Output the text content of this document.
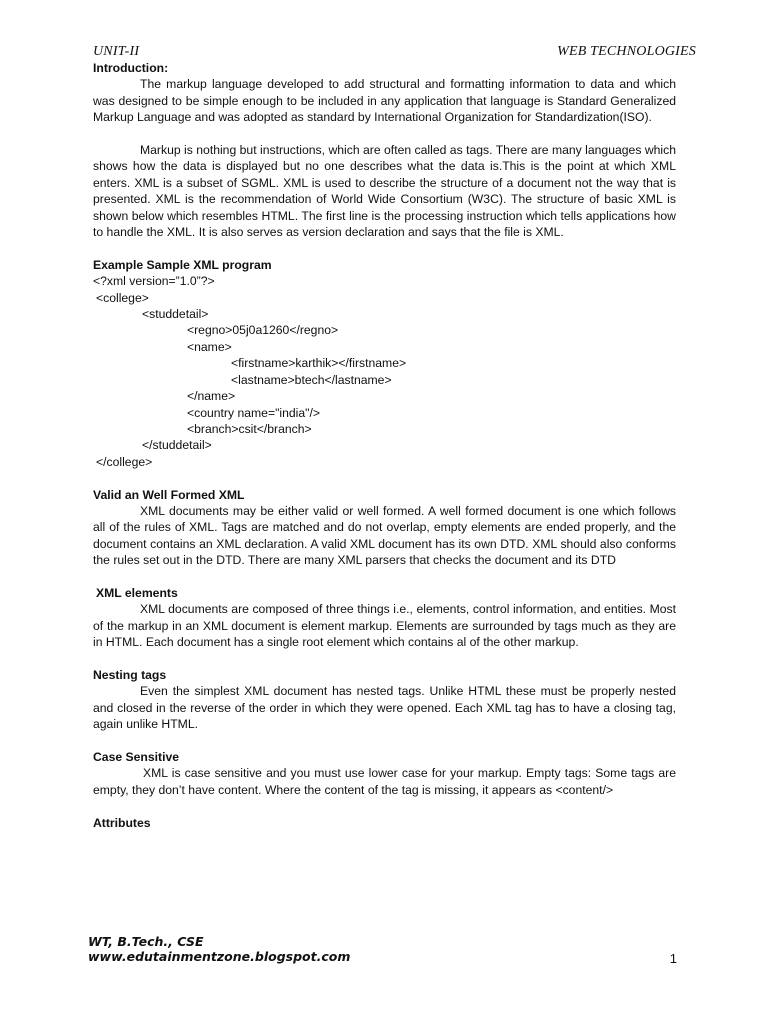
UNIT-II	WEB TECHNOLOGIES

Introduction:

The markup language developed to add structural and formatting information to data and which was designed to be simple enough to be included in any application that language is Standard Generalized Markup Language and was adopted as standard by International Organization for Standardization(ISO).

Markup is nothing but instructions, which are often called as tags. There are many languages which shows how the data is displayed but no one describes what the data is.This is the point at which XML enters. XML is a subset of SGML. XML is used to describe the structure of a document not the way that is presented. XML is the recommendation of World Wide Consortium (W3C). The structure of basic XML is shown below which resembles HTML. The first line is the processing instruction which tells applications how to handle the XML. It is also serves as version declaration and says that the file is XML.

Example Sample XML program

<?xml version=”1.0”?>

<college>

<studdetail>

<regno>05j0a1260</regno>

<name>

<firstname>karthik></firstname>

<lastname>btech</lastname>

</name>

<country name="india"/>

<branch>csit</branch>

</studdetail>

</college>

Valid an Well Formed XML

XML documents may be either valid or well formed. A well formed document is one which follows all of the rules of XML. Tags are matched and do not overlap, empty elements are ended properly, and the document contains an XML declaration. A valid XML document has its own DTD. XML should also conforms the rules set out in the DTD. There are many XML parsers that checks the document and its DTD

XML elements

XML documents are composed of three things i.e., elements, control information, and entities. Most of the markup in an XML document is element markup. Elements are surrounded by tags much as they are in HTML. Each document has a single root element which contains al of the other markup.

Nesting tags

Even the simplest XML document has nested tags. Unlike HTML these must be properly nested and closed in the reverse of the order in which they were opened. Each XML tag has to have a closing tag, again unlike HTML.

Case Sensitive

XML is case sensitive and you must use lower case for your markup. Empty tags: Some tags are empty, they don’t have content. Where the content of the tag is missing, it appears as <content/>

Attributes

WT, B.Tech., CSE
www.edutainmentzone.blogspot.com	1
